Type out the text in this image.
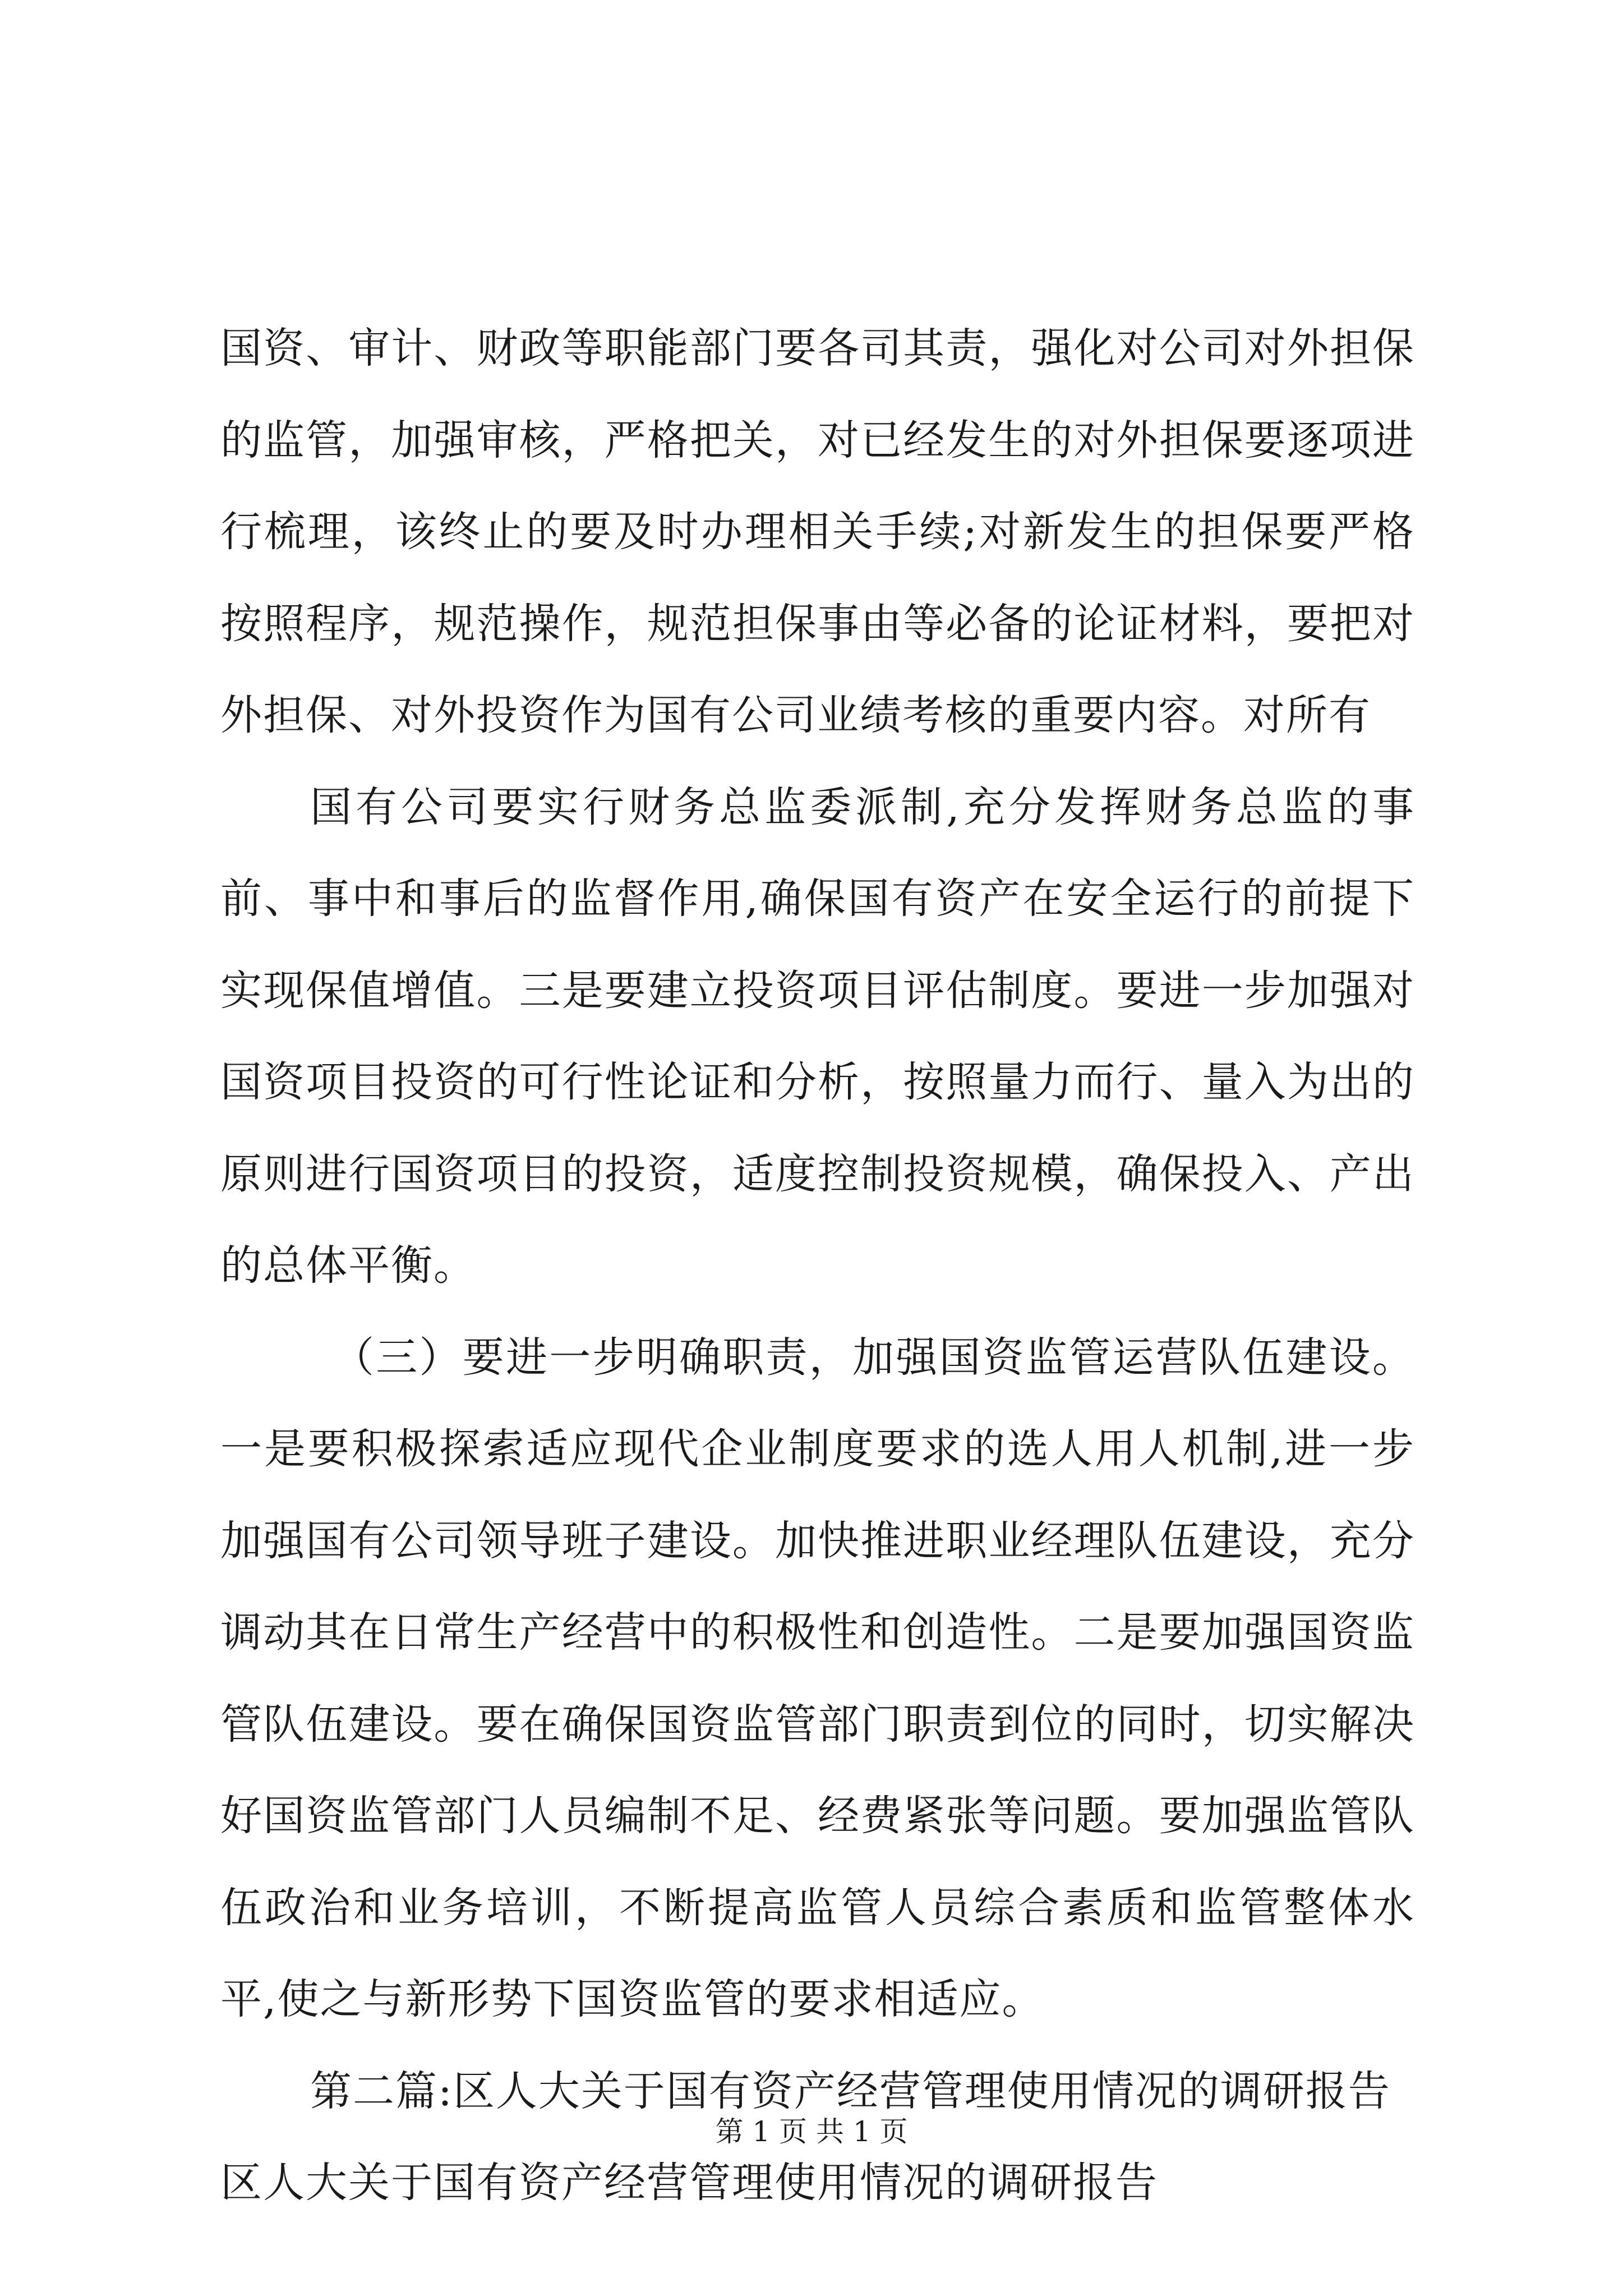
国资、审计、财政等职能部门要各司其责，强化对公司对外担保的监管，加强审核，严格把关，对已经发生的对外担保要逐项进行梳理，该终止的要及时办理相关手续;对新发生的担保要严格按照程序，规范操作，规范担保事由等必备的论证材料，要把对外担保、对外投资作为国有公司业绩考核的重要内容。对所有

国有公司要实行财务总监委派制,充分发挥财务总监的事前、事中和事后的监督作用,确保国有资产在安全运行的前提下实现保值增值。三是要建立投资项目评估制度。要进一步加强对国资项目投资的可行性论证和分析，按照量力而行、量入为出的原则进行国资项目的投资，适度控制投资规模，确保投入、产出的总体平衡。

（三）要进一步明确职责，加强国资监管运营队伍建设。一是要积极探索适应现代企业制度要求的选人用人机制,进一步加强国有公司领导班子建设。加快推进职业经理队伍建设，充分调动其在日常生产经营中的积极性和创造性。二是要加强国资监管队伍建设。要在确保国资监管部门职责到位的同时，切实解决好国资监管部门人员编制不足、经费紧张等问题。要加强监管队伍政治和业务培训，不断提高监管人员综合素质和监管整体水平,使之与新形势下国资监管的要求相适应。

第二篇:区人大关于国有资产经营管理使用情况的调研报告

区人大关于国有资产经营管理使用情况的调研报告

第 1 页 共 1 页
